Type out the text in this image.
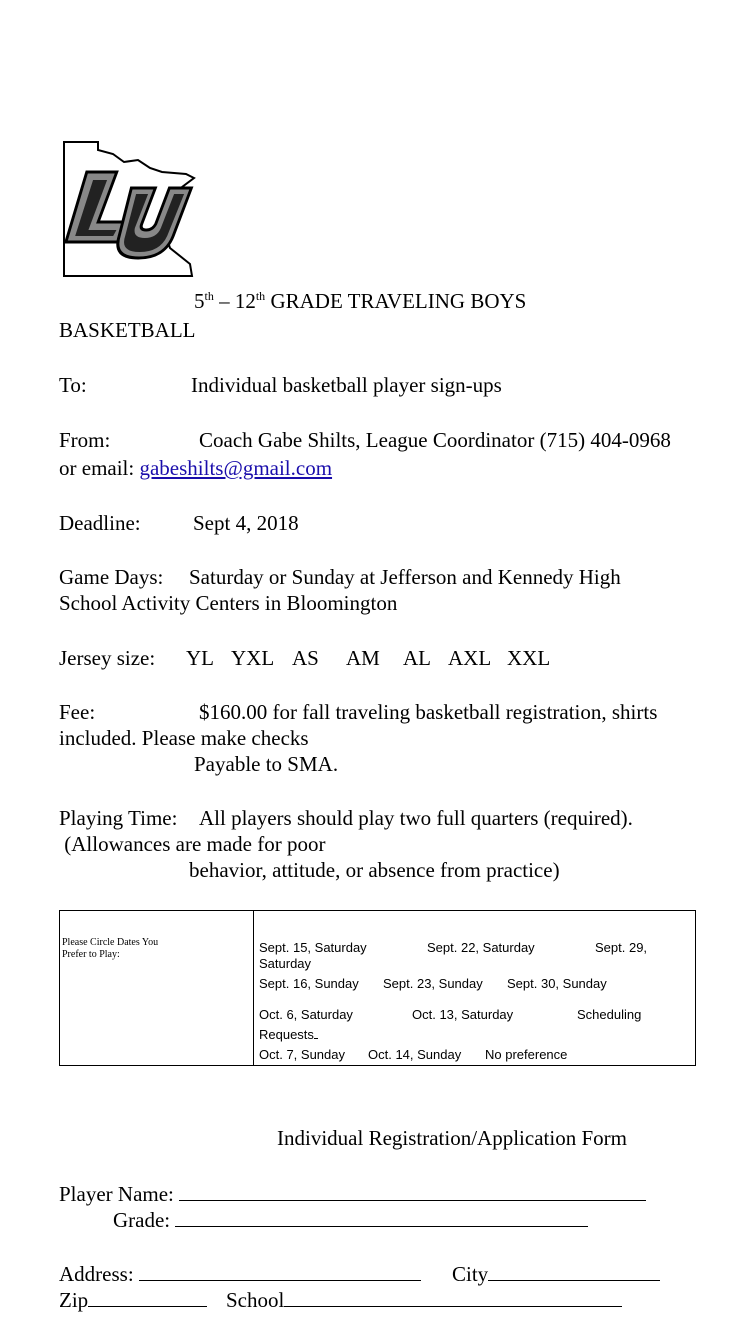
5th – 12th GRADE TRAVELING BOYS
BASKETBALL
To:	Individual basketball player sign-ups
From:	Coach Gabe Shilts, League Coordinator (715) 404-0968
or email: gabeshilts@gmail.com
Deadline: Sept 4, 2018
Game Days: Saturday or Sunday at Jefferson and Kennedy High
School Activity Centers in Bloomington
Jersey size: YL YXL AS AM AL AXL XXL
Fee:	$160.00 for fall traveling basketball registration, shirts
included. Please make checks
Payable to SMA.
Playing Time: All players should play two full quarters (required).
(Allowances are made for poor
behavior, attitude, or absence from practice)
Please Circle Dates You Prefer to Play:	Sept. 15, Saturday	Sept. 22, Saturday	Sept. 29,
Saturday
Sept. 16, Sunday Sept. 23, Sunday Sept. 30, Sunday
Oct. 6, Saturday	Oct. 13, Saturday	Scheduling
Requests
Oct. 7, Sunday Oct. 14, Sunday No preference
Individual Registration/Application Form
Player Name:
Grade:
Address:	City
Zip	School
